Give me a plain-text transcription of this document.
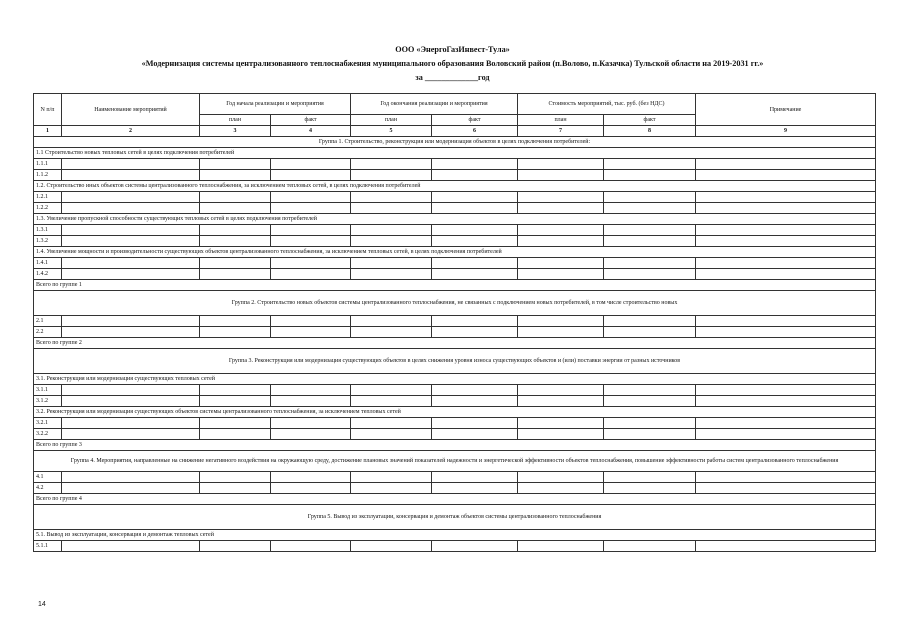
ООО «ЭнергоГазИнвест-Тула»
«Модернизация системы централизованного теплоснабжения муниципального образования Воловский район (п.Волово, п.Казачка) Тульской области на 2019-2031 гг.»
за _____________год
N п/п	Наименование мероприятий	Год начала реализации и мероприятия		Год окончания реализации и мероприятия		Стоимость мероприятий, тыс. руб. (без НДС)		Примечание
		план	факт	план	факт	план	факт	
1	2	3	4	5	6	7	8	9
Группа 1. Строительство, реконструкция или модернизация объектов в целях подключения потребителей:								
1.1 Строительство новых тепловых сетей в целях подключения потребителей								
1.1.1								
1.1.2								
1.2. Строительство иных объектов системы централизованного теплоснабжения, за исключением тепловых сетей, в целях подключения потребителей								
1.2.1								
1.2.2								
1.3. Увеличение пропускной способности существующих тепловых сетей в целях подключения потребителей								
1.3.1								
1.3.2								
1.4. Увеличение мощности и производительности существующих объектов централизованного теплоснабжения, за исключением тепловых сетей, в целях подключения потребителей								
1.4.1								
1.4.2								
Всего по группе 1								
Группа 2. Строительство новых объектов системы централизованного теплоснабжения, не связанных с подключением новых потребителей, в том числе строительство новых								
2.1								
2.2								
Всего по группе 2								
Группа 3. Реконструкция или модернизация существующих объектов в целях снижения уровня износа существующих объектов и (или) поставки энергии от разных источников								
3.1. Реконструкция или модернизация существующих тепловых сетей								
3.1.1								
3.1.2								
3.2. Реконструкция или модернизация существующих объектов системы централизованного теплоснабжения, за исключением тепловых сетей								
3.2.1								
3.2.2								
Всего по группе 3								
Группа 4. Мероприятия, направленные на снижение негативного воздействия на окружающую среду, достижение плановых значений показателей надежности и энергетической эффективности объектов теплоснабжения, повышение эффективности работы систем централизованного теплоснабжения								
4.1								
4.2								
Всего по группе 4								
Группа 5. Вывод из эксплуатации, консервация и демонтаж объектов системы централизованного теплоснабжения								
5.1. Вывод из эксплуатации, консервация и демонтаж тепловых сетей								
5.1.1								
14
